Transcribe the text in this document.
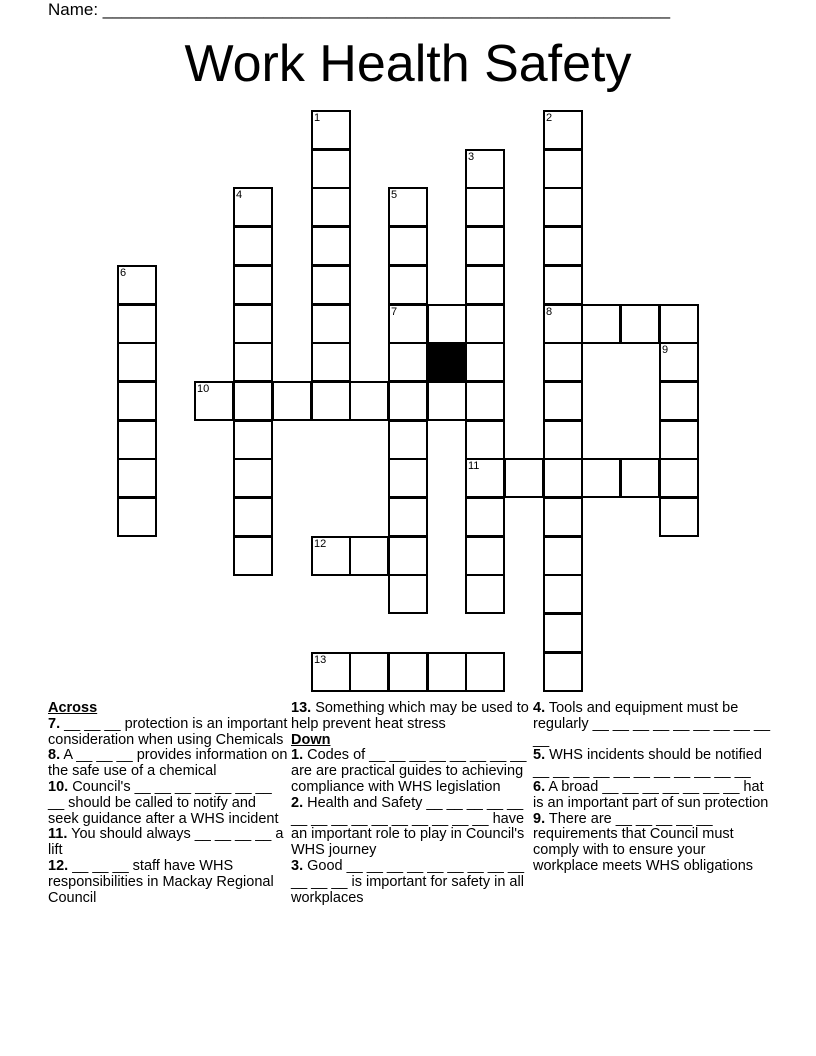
Name: ____________________________________________________________
Work Health Safety
1	2
8
3
11
4	5
7
6
9
10
12
13
Across

7. __ __ __ protection is an important consideration when using Chemicals

8. A __ __ __ provides information on the safe use of a chemical

10. Council's __ __ __ __ __ __ __ __ should be called to notify and seek guidance after a WHS incident

11. You should always __ __ __ __ a lift

12. __ __ __ staff have WHS responsibilities in Mackay Regional Council

13. Something which may be used to help prevent heat stress

Down

1. Codes of __ __ __ __ __ __ __ __ are are practical guides to achieving compliance with WHS legislation

2. Health and Safety __ __ __ __ __ __ __ __ __ __ __ __ __ __ __ have an important role to play in Council's WHS journey

3. Good __ __ __ __ __ __ __ __ __ __ __ __ is important for safety in all workplaces

4. Tools and equipment must be regularly __ __ __ __ __ __ __ __ __ __

5. WHS incidents should be notified __ __ __ __ __ __ __ __ __ __ __

6. A broad __ __ __ __ __ __ __ hat is an important part of sun protection

9. There are __ __ __ __ __ requirements that Council must comply with to ensure your workplace meets WHS obligations
